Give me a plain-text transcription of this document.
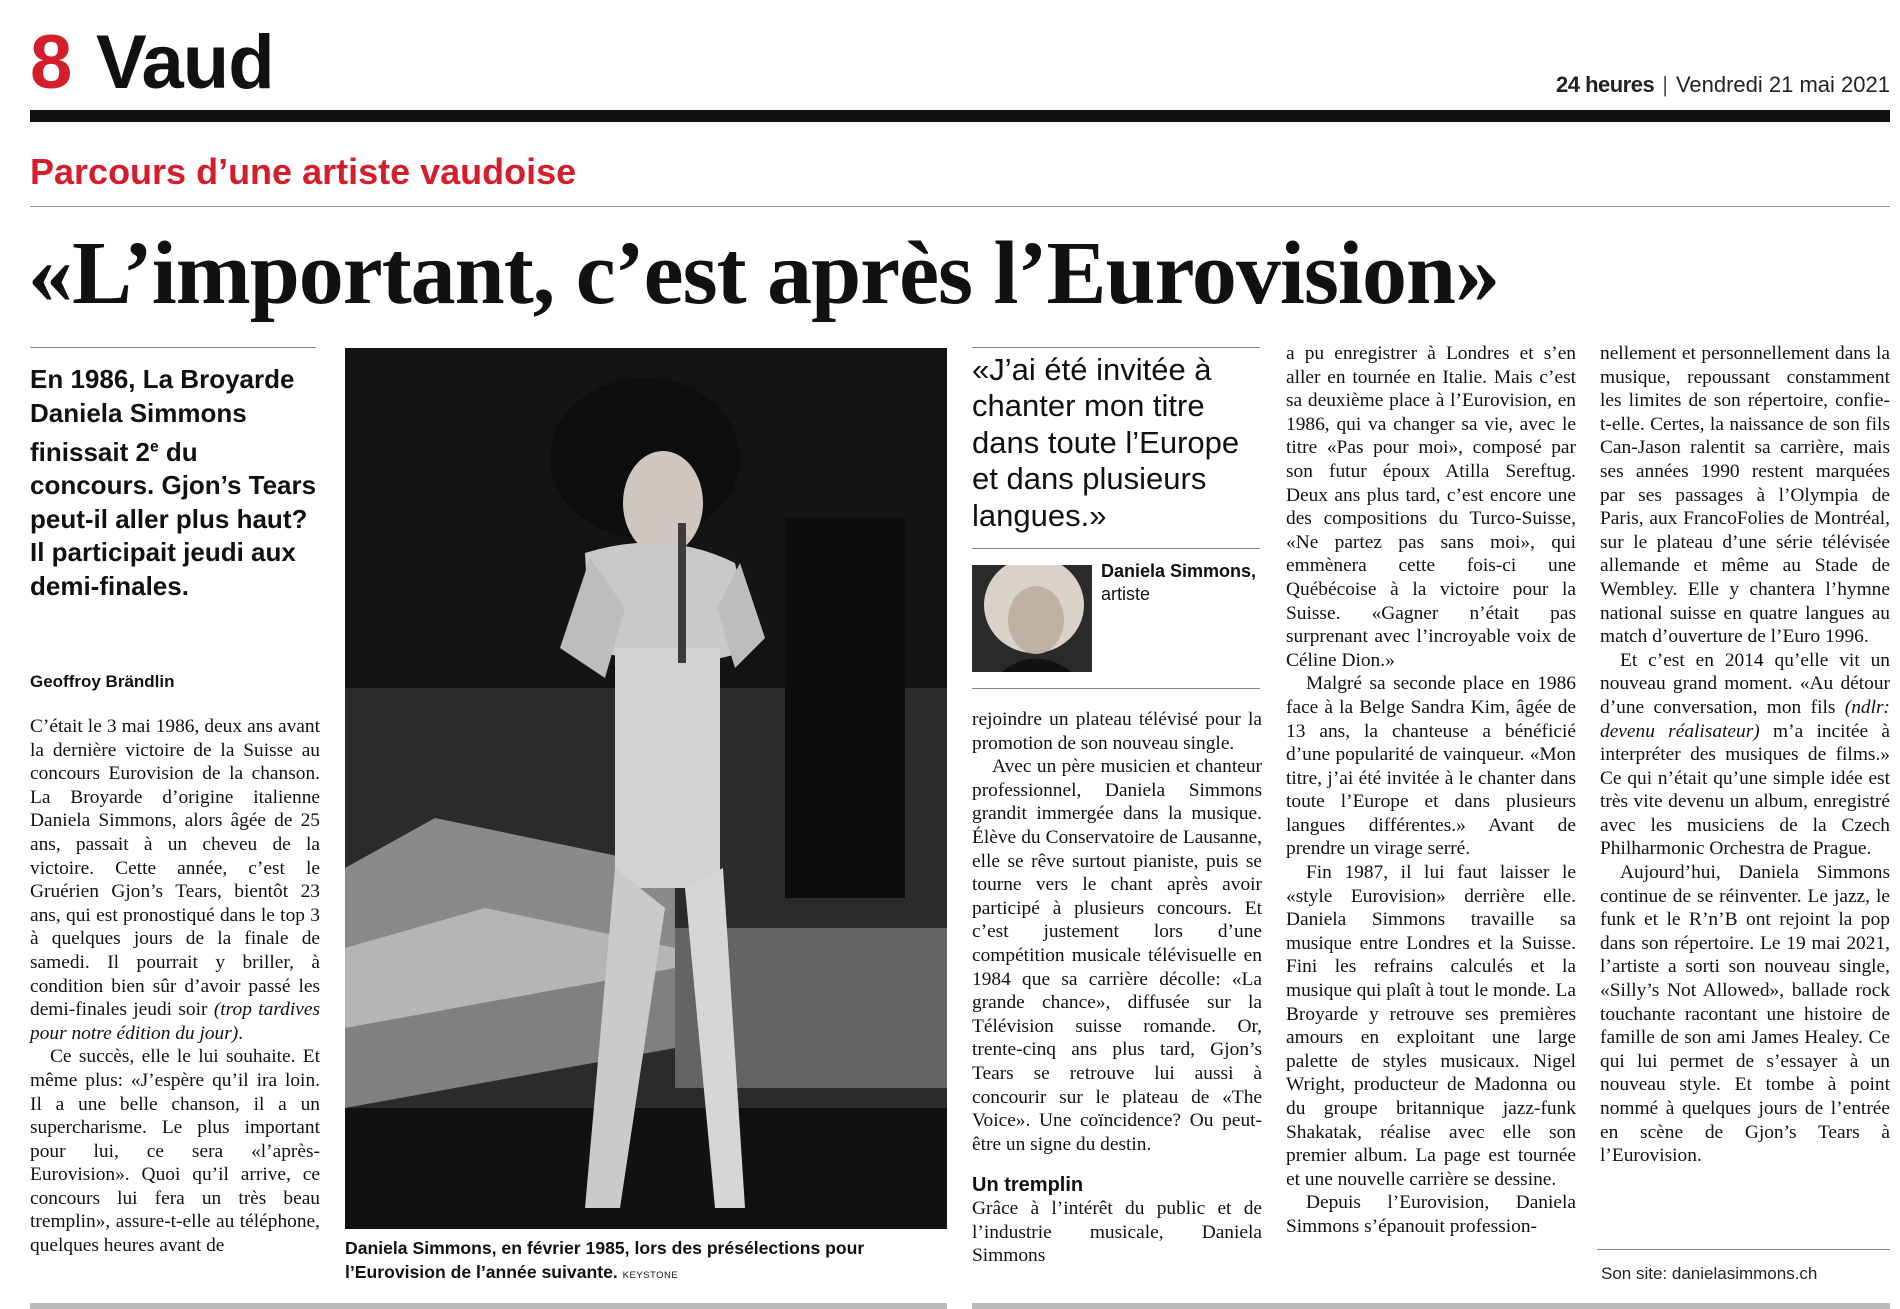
8 Vaud	24 heures | Vendredi 21 mai 2021
Parcours d’une artiste vaudoise
«L’important, c’est après l’Eurovision»
En 1986, La Broyarde Daniela Simmons finissait 2e du concours. Gjon’s Tears peut-il aller plus haut? Il participait jeudi aux demi-finales.
Geoffroy Brändlin

C’était le 3 mai 1986, deux ans avant la dernière victoire de la Suisse au concours Eurovision de la chanson. La Broyarde d’origine italienne Daniela Simmons, alors âgée de 25 ans, passait à un cheveu de la victoire. Cette année, c’est le Gruérien Gjon’s Tears, bientôt 23 ans, qui est pronostiqué dans le top 3 à quelques jours de la finale de samedi. Il pourrait y briller, à condition bien sûr d’avoir passé les demi-finales jeudi soir (trop tardives pour notre édition du jour).

Ce succès, elle le lui souhaite. Et même plus: «J’espère qu’il ira loin. Il a une belle chanson, il a un supercharisme. Le plus important pour lui, ce sera «l’après-Eurovision». Quoi qu’il arrive, ce concours lui fera un très beau tremplin», assure-t-elle au téléphone, quelques heures avant de	Daniela Simmons, en février 1985, lors des présélections pour l’Eurovision de l’année suivante. KEYSTONE
«J’ai été invitée à chanter mon titre dans toute l’Europe et dans plusieurs langues.»
Daniela Simmons,
artiste

rejoindre un plateau télévisé pour la promotion de son nouveau single.

Avec un père musicien et chanteur professionnel, Daniela Simmons grandit immergée dans la musique. Élève du Conservatoire de Lausanne, elle se rêve surtout pianiste, puis se tourne vers le chant après avoir participé à plusieurs concours. Et c’est justement lors d’une compétition musicale télévisuelle en 1984 que sa carrière décolle: «La grande chance», diffusée sur la Télévision suisse romande. Or, trente-cinq ans plus tard, Gjon’s Tears se retrouve lui aussi à concourir sur le plateau de «The Voice». Une coïncidence? Ou peut-être un signe du destin.

Un tremplin

Grâce à l’intérêt du public et de l’industrie musicale, Daniela Simmons

a pu enregistrer à Londres et s’en aller en tournée en Italie. Mais c’est sa deuxième place à l’Eurovision, en 1986, qui va changer sa vie, avec le titre «Pas pour moi», composé par son futur époux Atilla Sereftug. Deux ans plus tard, c’est encore une des compositions du Turco-Suisse, «Ne partez pas sans moi», qui emmènera cette fois-ci une Québécoise à la victoire pour la Suisse. «Gagner n’était pas surprenant avec l’incroyable voix de Céline Dion.»

Malgré sa seconde place en 1986 face à la Belge Sandra Kim, âgée de 13 ans, la chanteuse a bénéficié d’une popularité de vainqueur. «Mon titre, j’ai été invitée à le chanter dans toute l’Europe et dans plusieurs langues différentes.» Avant de prendre un virage serré.

Fin 1987, il lui faut laisser le «style Eurovision» derrière elle. Daniela Simmons travaille sa musique entre Londres et la Suisse. Fini les refrains calculés et la musique qui plaît à tout le monde. La Broyarde y retrouve ses premières amours en exploitant une large palette de styles musicaux. Nigel Wright, producteur de Madonna ou du groupe britannique jazz-funk Shakatak, réalise avec elle son premier album. La page est tournée et une nouvelle carrière se dessine.

Depuis l’Eurovision, Daniela Simmons s’épanouit profession-

nellement et personnellement dans la musique, repoussant constamment les limites de son répertoire, confie-t-elle. Certes, la naissance de son fils Can-Jason ralentit sa carrière, mais ses années 1990 restent marquées par ses passages à l’Olympia de Paris, aux FrancoFolies de Montréal, sur le plateau d’une série télévisée allemande et même au Stade de Wembley. Elle y chantera l’hymne national suisse en quatre langues au match d’ouverture de l’Euro 1996.

Et c’est en 2014 qu’elle vit un nouveau grand moment. «Au détour d’une conversation, mon fils (ndlr: devenu réalisateur) m’a incitée à interpréter des musiques de films.» Ce qui n’était qu’une simple idée est très vite devenu un album, enregistré avec les musiciens de la Czech Philharmonic Orchestra de Prague.

Aujourd’hui, Daniela Simmons continue de se réinventer. Le jazz, le funk et le R’n’B ont rejoint la pop dans son répertoire. Le 19 mai 2021, l’artiste a sorti son nouveau single, «Silly’s Not Allowed», ballade rock touchante racontant une histoire de famille de son ami James Healey. Ce qui lui permet de s’essayer à un nouveau style. Et tombe à point nommé à quelques jours de l’entrée en scène de Gjon’s Tears à l’Eurovision.

Son site: danielasimmons.ch
